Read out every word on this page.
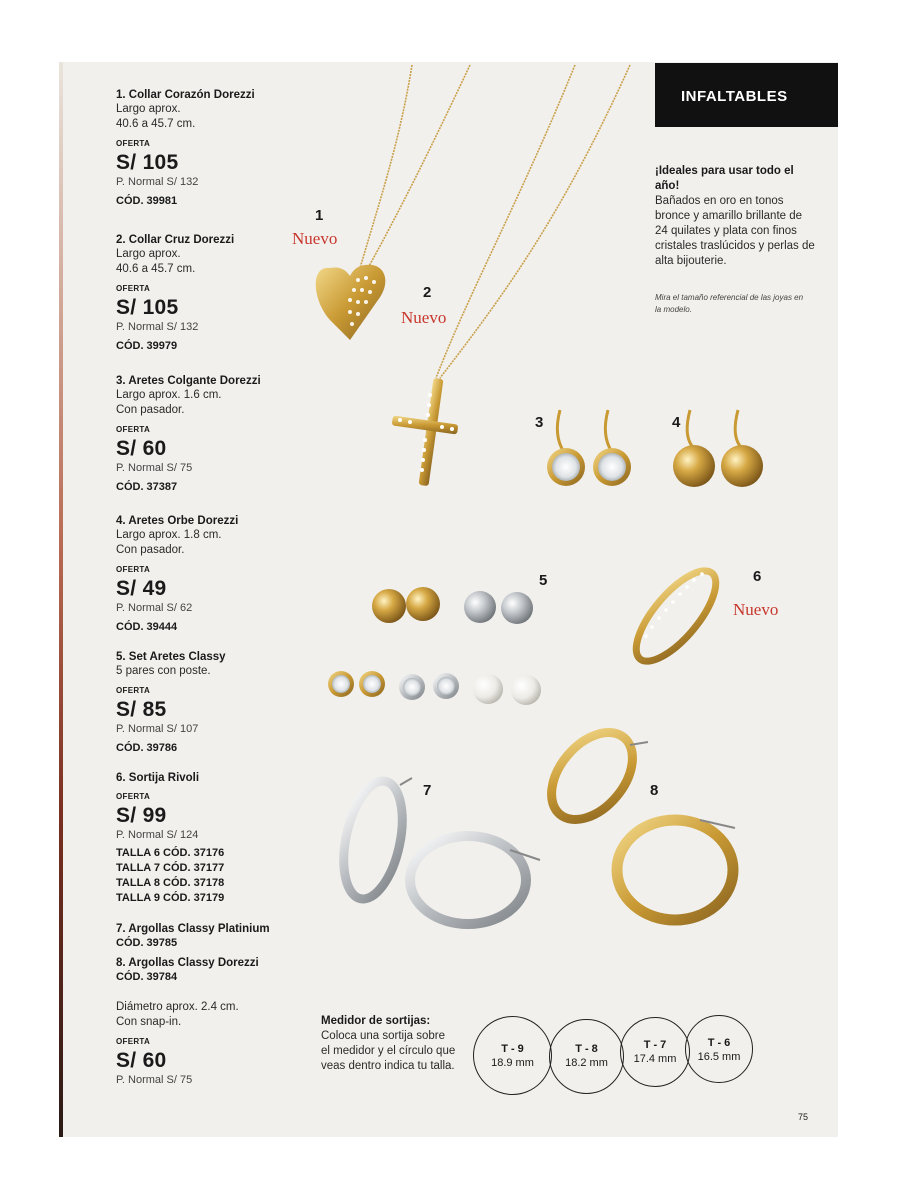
INFALTABLES
¡Ideales para usar todo el año!
Bañados en oro en tonos bronce y amarillo brillante de 24 quilates y plata con finos cristales traslúcidos y perlas de alta bijouterie.
Mira el tamaño referencial de las joyas en la modelo.
1
Nuevo
2
Nuevo
3	4
5	6
Nuevo
7	8
1. Collar Corazón Dorezzi
Largo aprox.
40.6 a 45.7 cm.
OFERTA
S/ 105
P. Normal S/ 132
CÓD. 39981
2. Collar Cruz Dorezzi
Largo aprox.
40.6 a 45.7 cm.
OFERTA
S/ 105
P. Normal S/ 132
CÓD. 39979
3. Aretes Colgante Dorezzi
Largo aprox. 1.6 cm.
Con pasador.
OFERTA
S/ 60
P. Normal S/ 75
CÓD. 37387
4. Aretes Orbe Dorezzi
Largo aprox. 1.8 cm.
Con pasador.
OFERTA
S/ 49
P. Normal S/ 62
CÓD. 39444
5. Set Aretes Classy
5 pares con poste.
OFERTA
S/ 85
P. Normal S/ 107
CÓD. 39786
6. Sortija Rivoli
OFERTA
S/ 99
P. Normal S/ 124
TALLA 6 CÓD. 37176
TALLA 7 CÓD. 37177
TALLA 8 CÓD. 37178
TALLA 9 CÓD. 37179
7. Argollas Classy Platinium
CÓD. 39785
8. Argollas Classy Dorezzi
CÓD. 39784
Diámetro aprox. 2.4 cm.
Con snap-in.
OFERTA
S/ 60
P. Normal S/ 75
Medidor de sortijas:
Coloca una sortija sobre el medidor y el círculo que veas dentro indica tu talla.
T - 9
18.9 mm
T - 8
18.2 mm
T - 7
17.4 mm
T - 6
16.5 mm
75
